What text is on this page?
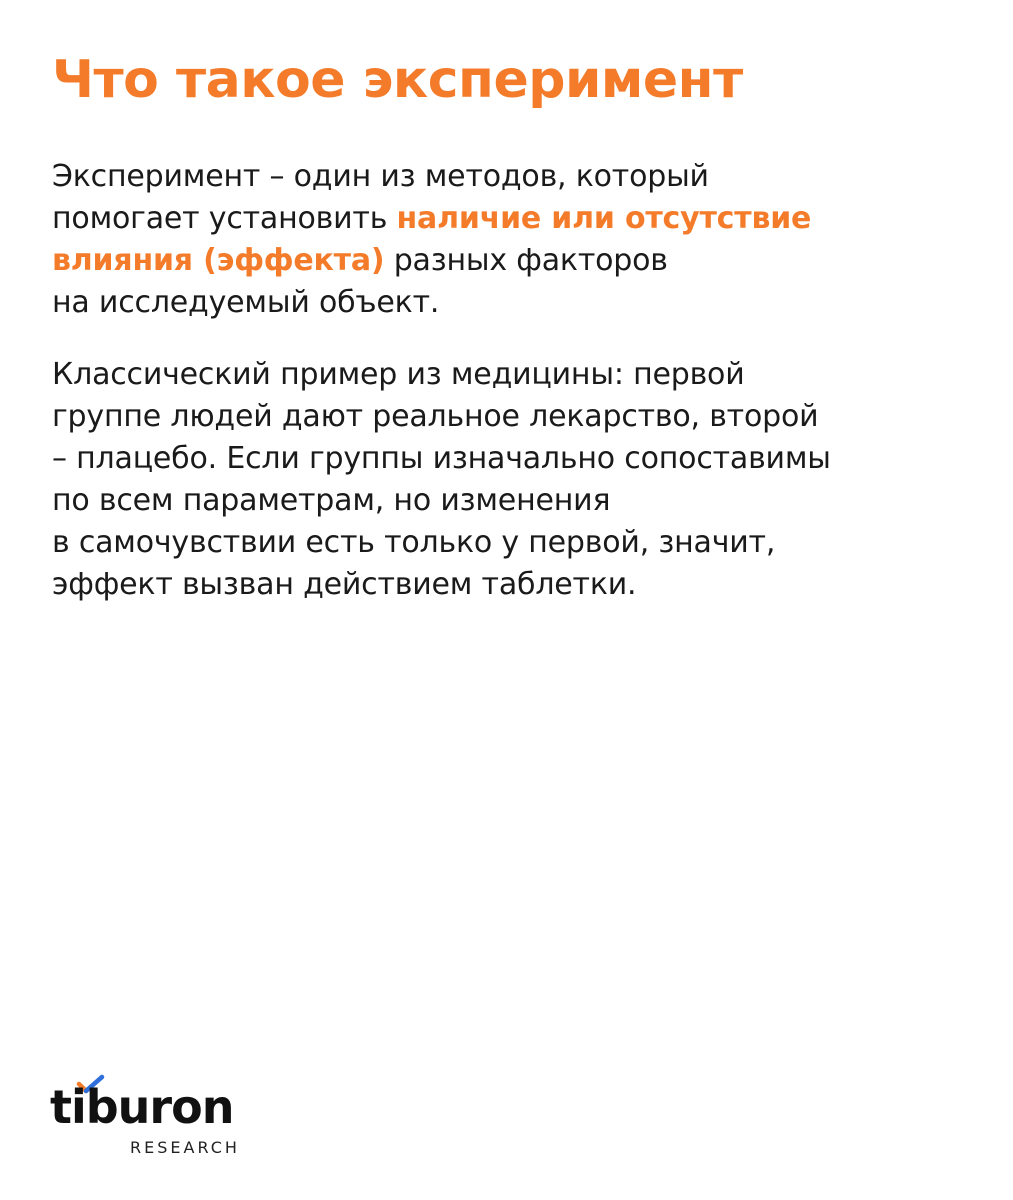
Что такое эксперимент

Эксперимент – один из методов, который
помогает установить наличие или отсутствие
влияния (эффекта) разных факторов
на исследуемый объект.

Классический пример из медицины: первой
группе людей дают реальное лекарство, второй
– плацебо. Если группы изначально сопоставимы
по всем параметрам, но изменения
в самочувствии есть только у первой, значит,
эффект вызван действием таблетки.

tiburon
RESEARCH
